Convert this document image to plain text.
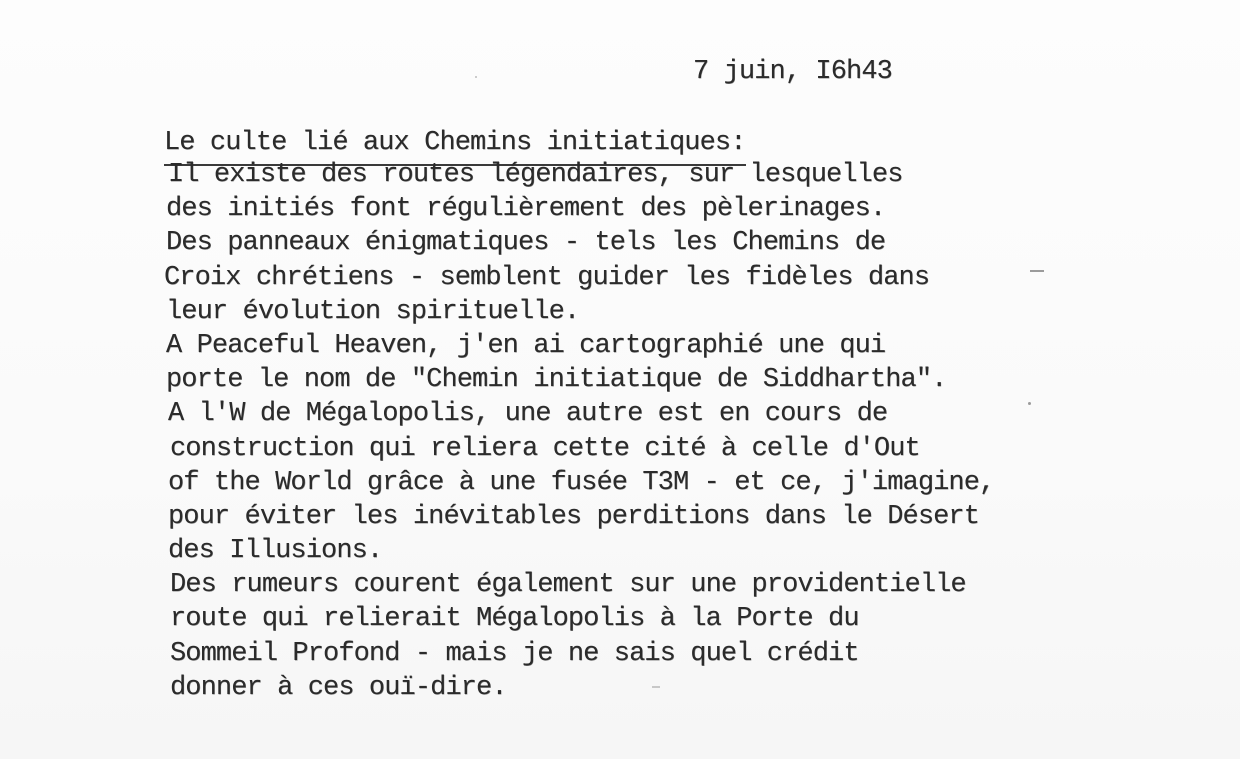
7 juin, I6h43
Le culte lié aux Chemins initiatiques:
Il existe des routes légendaires, sur lesquelles
des initiés font régulièrement des pèlerinages.
Des panneaux énigmatiques - tels les Chemins de
Croix chrétiens - semblent guider les fidèles dans
leur évolution spirituelle.
A Peaceful Heaven, j'en ai cartographié une qui
porte le nom de "Chemin initiatique de Siddhartha".
A l'W de Mégalopolis, une autre est en cours de
construction qui reliera cette cité à celle d'Out
of the World grâce à une fusée T3M - et ce, j'imagine,
pour éviter les inévitables perditions dans le Désert
des Illusions.
Des rumeurs courent également sur une providentielle
route qui relierait Mégalopolis à la Porte du
Sommeil Profond - mais je ne sais quel crédit
donner à ces ouï-dire.
